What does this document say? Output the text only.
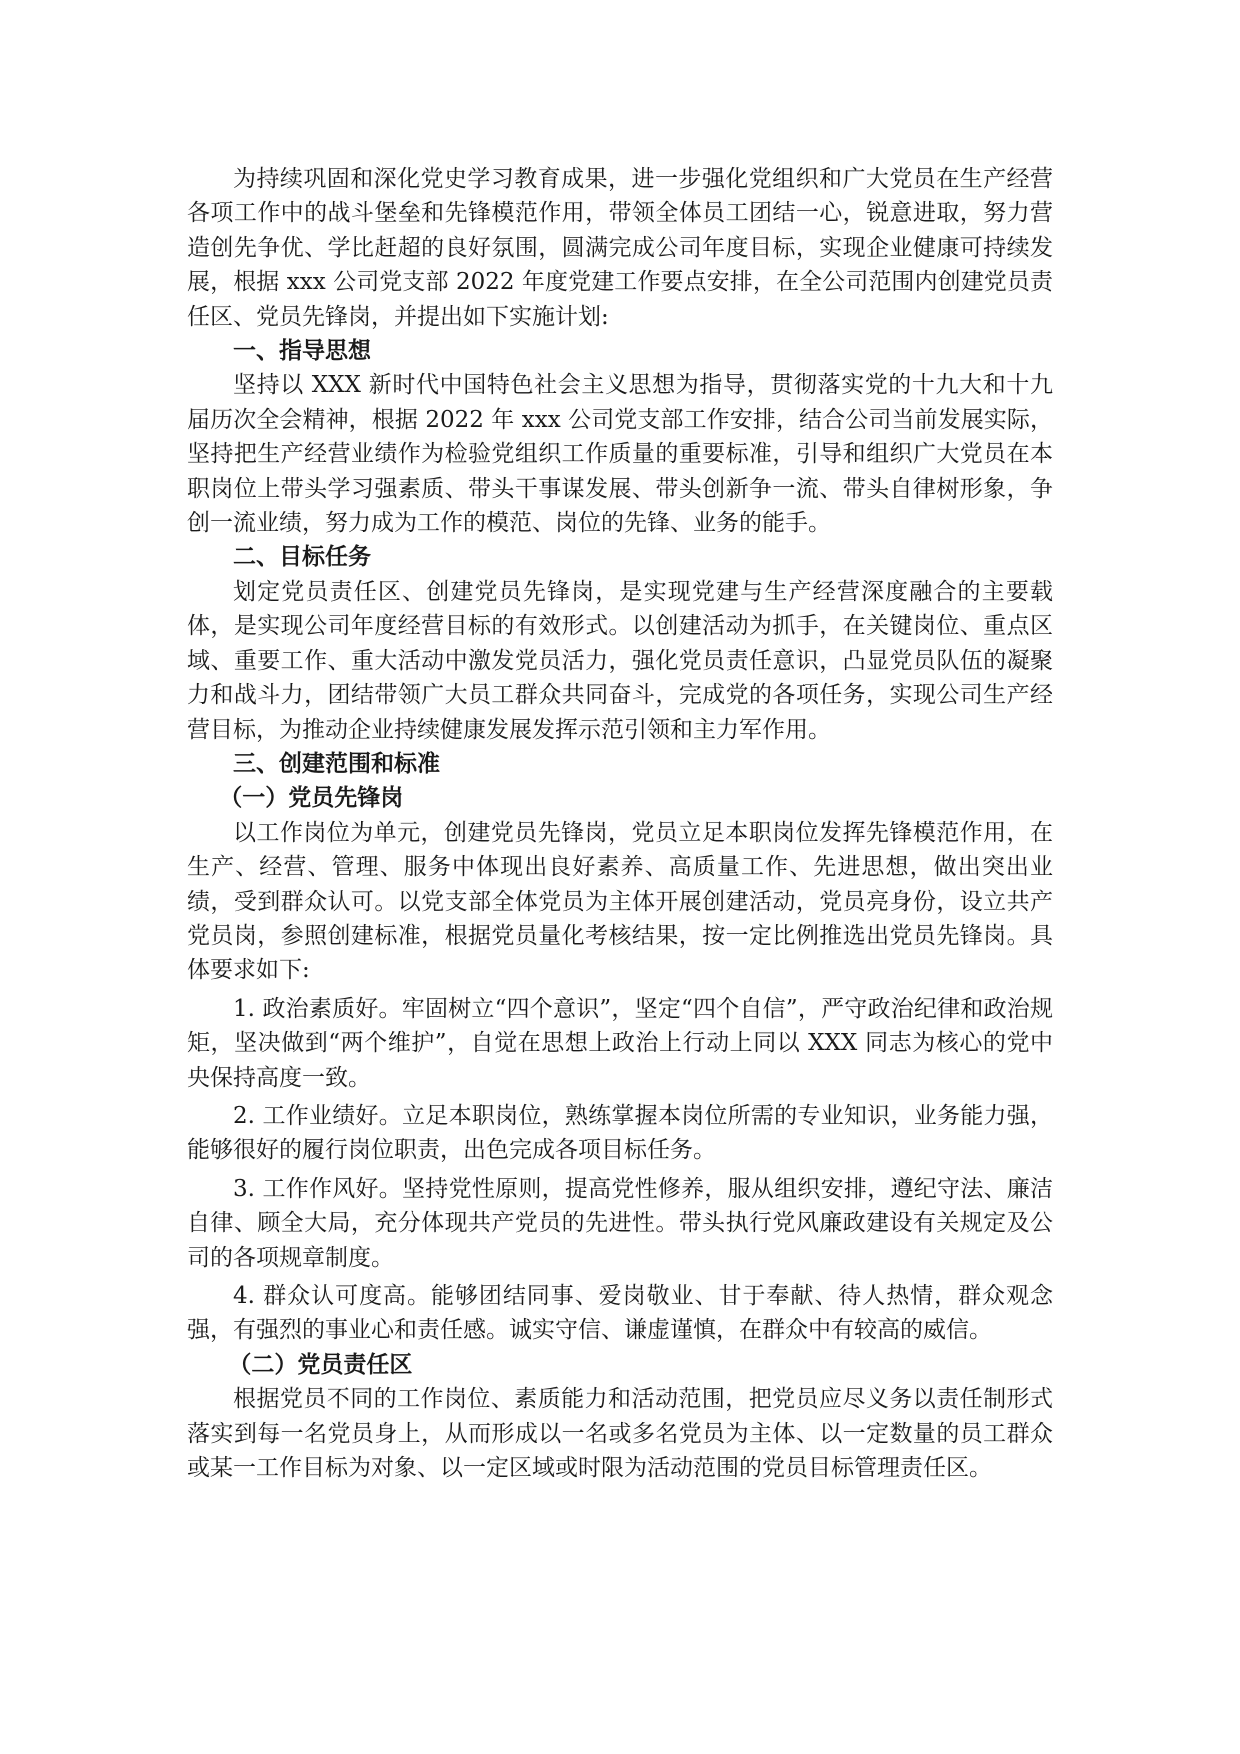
为持续巩固和深化党史学习教育成果，进一步强化党组织和广大党员在生产经营各项工作中的战斗堡垒和先锋模范作用，带领全体员工团结一心，锐意进取，努力营造创先争优、学比赶超的良好氛围，圆满完成公司年度目标，实现企业健康可持续发展，根据 xxx 公司党支部 2022 年度党建工作要点安排，在全公司范围内创建党员责任区、党员先锋岗，并提出如下实施计划:

一、指导思想

坚持以 XXX 新时代中国特色社会主义思想为指导，贯彻落实党的十九大和十九届历次全会精神，根据 2022 年 xxx 公司党支部工作安排，结合公司当前发展实际，坚持把生产经营业绩作为检验党组织工作质量的重要标准，引导和组织广大党员在本职岗位上带头学习强素质、带头干事谋发展、带头创新争一流、带头自律树形象，争创一流业绩，努力成为工作的模范、岗位的先锋、业务的能手。

二、目标任务

划定党员责任区、创建党员先锋岗，是实现党建与生产经营深度融合的主要载体，是实现公司年度经营目标的有效形式。以创建活动为抓手，在关键岗位、重点区域、重要工作、重大活动中激发党员活力，强化党员责任意识，凸显党员队伍的凝聚力和战斗力，团结带领广大员工群众共同奋斗，完成党的各项任务，实现公司生产经营目标，为推动企业持续健康发展发挥示范引领和主力军作用。

三、创建范围和标准
（一）党员先锋岗

以工作岗位为单元，创建党员先锋岗，党员立足本职岗位发挥先锋模范作用，在生产、经营、管理、服务中体现出良好素养、高质量工作、先进思想，做出突出业绩，受到群众认可。以党支部全体党员为主体开展创建活动，党员亮身份，设立共产党员岗，参照创建标准，根据党员量化考核结果，按一定比例推选出党员先锋岗。具体要求如下:

1. 政治素质好。牢固树立“四个意识”，坚定“四个自信”，严守政治纪律和政治规矩，坚决做到“两个维护”，自觉在思想上政治上行动上同以 XXX 同志为核心的党中央保持高度一致。

2. 工作业绩好。立足本职岗位，熟练掌握本岗位所需的专业知识，业务能力强，能够很好的履行岗位职责，出色完成各项目标任务。

3. 工作作风好。坚持党性原则，提高党性修养，服从组织安排，遵纪守法、廉洁自律、顾全大局，充分体现共产党员的先进性。带头执行党风廉政建设有关规定及公司的各项规章制度。

4. 群众认可度高。能够团结同事、爱岗敬业、甘于奉献、待人热情，群众观念强，有强烈的事业心和责任感。诚实守信、谦虚谨慎，在群众中有较高的威信。

（二）党员责任区

根据党员不同的工作岗位、素质能力和活动范围，把党员应尽义务以责任制形式落实到每一名党员身上，从而形成以一名或多名党员为主体、以一定数量的员工群众或某一工作目标为对象、以一定区域或时限为活动范围的党员目标管理责任区。
